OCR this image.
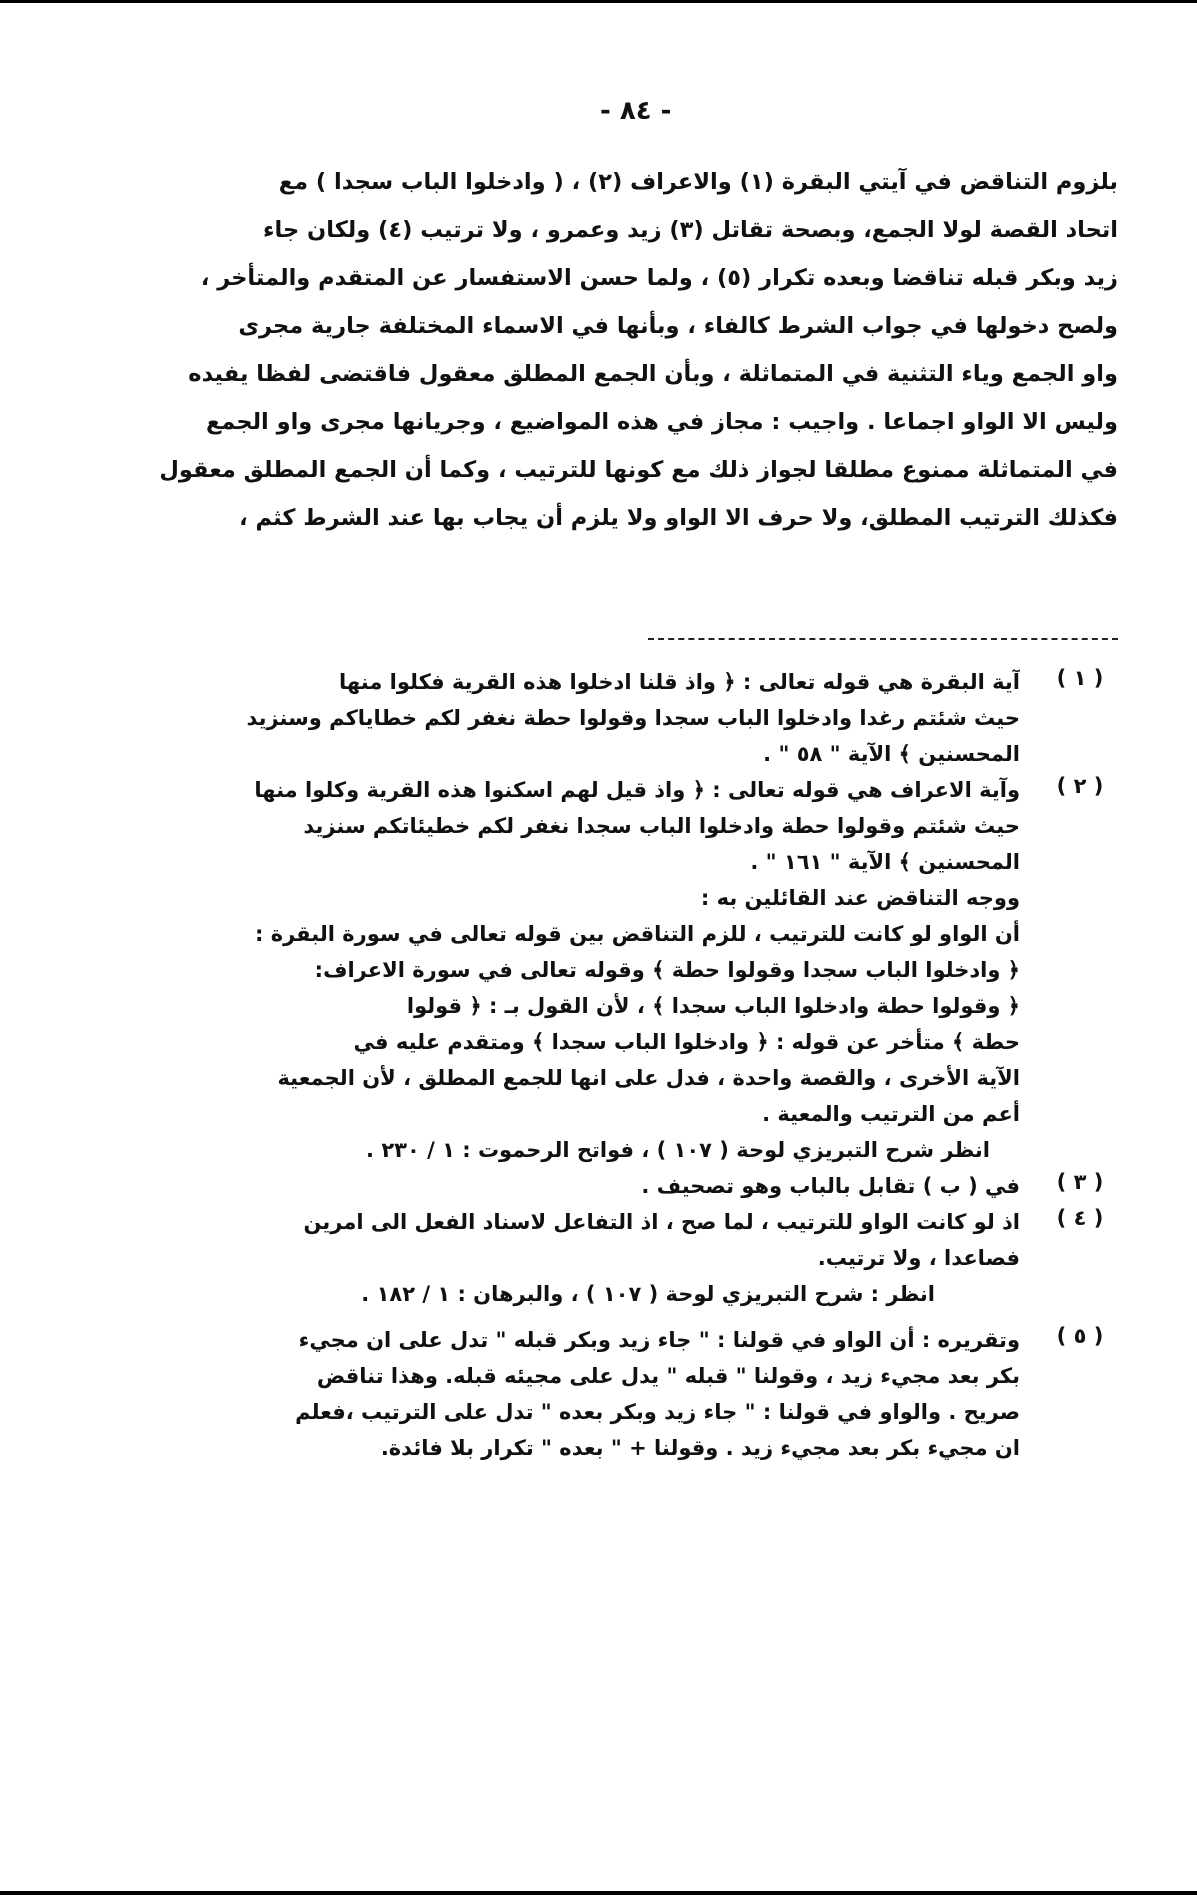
- ٨٤ -
بلزوم التناقض في آيتي البقرة (١) والاعراف (٢) ، ( وادخلوا الباب سجدا ) مع
اتحاد القصة لولا الجمع، وبصحة تقاتل (٣) زيد وعمرو ، ولا ترتيب (٤) ولكان جاء
زيد وبكر قبله تناقضا وبعده تكرار (٥) ، ولما حسن الاستفسار عن المتقدم والمتأخر ،
ولصح دخولها في جواب الشرط كالفاء ، وبأنها في الاسماء المختلفة جارية مجرى
واو الجمع وياء التثنية في المتماثلة ، وبأن الجمع المطلق معقول فاقتضى لفظا يفيده
وليس الا الواو اجماعا . واجيب : مجاز في هذه المواضيع ، وجريانها مجرى واو الجمع
في المتماثلة ممنوع مطلقا لجواز ذلك مع كونها للترتيب ، وكما أن الجمع المطلق معقول
فكذلك الترتيب المطلق، ولا حرف الا الواو ولا يلزم أن يجاب بها عند الشرط كثم ،
( ١ )
آية البقرة هي قوله تعالى : ﴿ واذ قلنا ادخلوا هذه القرية فكلوا منها
حيث شئتم رغدا وادخلوا الباب سجدا وقولوا حطة نغفر لكم خطاياكم وسنزيد
المحسنين ﴾ الآية " ٥٨ " .
( ٢ )
وآية الاعراف هي قوله تعالى : ﴿ واذ قيل لهم اسكنوا هذه القرية وكلوا منها
حيث شئتم وقولوا حطة وادخلوا الباب سجدا نغفر لكم خطيئاتكم سنزيد
المحسنين ﴾ الآية " ١٦١ " .
ووجه التناقض عند القائلين به :
أن الواو لو كانت للترتيب ، للزم التناقض بين قوله تعالى في سورة البقرة :
﴿ وادخلوا الباب سجدا وقولوا حطة ﴾ وقوله تعالى في سورة الاعراف:
﴿ وقولوا حطة وادخلوا الباب سجدا ﴾ ، لأن القول بـ : ﴿ قولوا
حطة ﴾ متأخر عن قوله : ﴿ وادخلوا الباب سجدا ﴾ ومتقدم عليه في
الآية الأخرى ، والقصة واحدة ، فدل على انها للجمع المطلق ، لأن الجمعية
أعم من الترتيب والمعية .
انظر شرح التبريزي لوحة ( ١٠٧ ) ، فواتح الرحموت : ١ / ٢٣٠ .
( ٣ )
في ( ب ) تقابل بالباب وهو تصحيف .
( ٤ )
اذ لو كانت الواو للترتيب ، لما صح ، اذ التفاعل لاسناد الفعل الى امرين
فصاعدا ، ولا ترتيب.
انظر : شرح التبريزي لوحة ( ١٠٧ ) ، والبرهان : ١ / ١٨٢ .
( ٥ )
وتقريره : أن الواو في قولنا : " جاء زيد وبكر قبله " تدل على ان مجيء
بكر بعد مجيء زيد ، وقولنا " قبله " يدل على مجيئه قبله. وهذا تناقض
صريح . والواو في قولنا : " جاء زيد وبكر بعده " تدل على الترتيب ،فعلم
ان مجيء بكر بعد مجيء زيد . وقولنا + " بعده " تكرار بلا فائدة.
